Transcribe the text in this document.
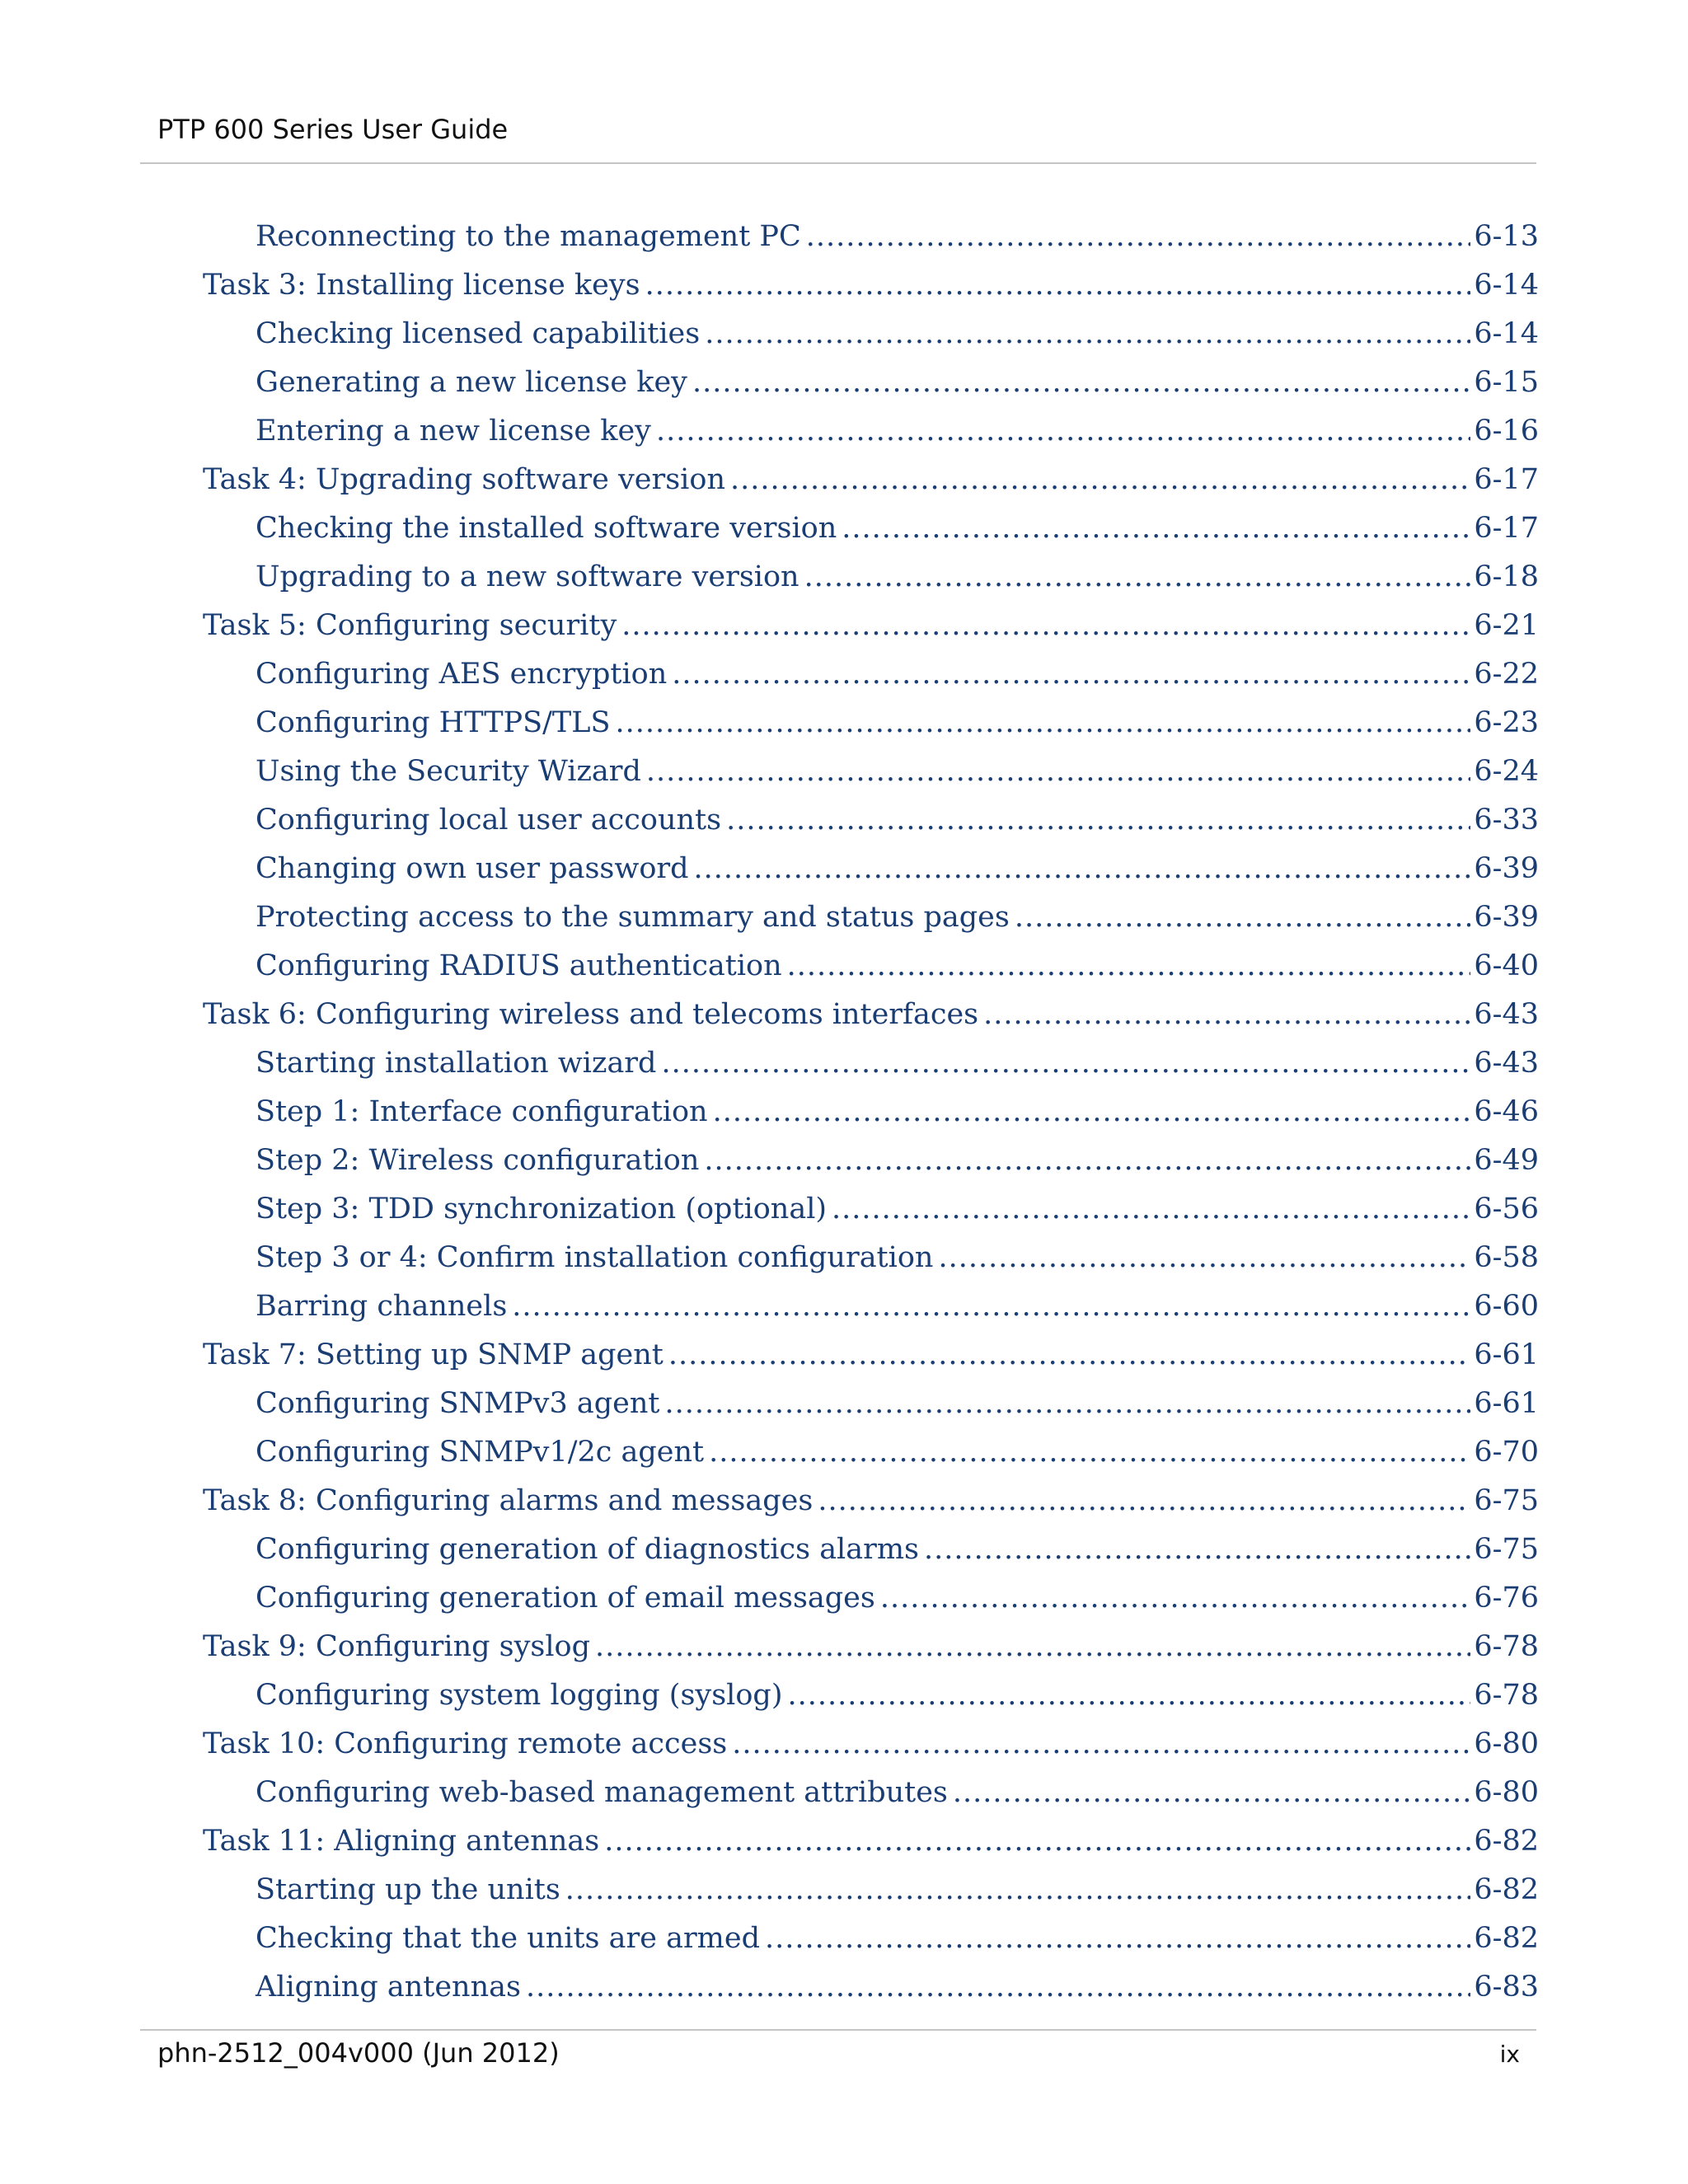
PTP 600 Series User Guide
Reconnecting to the management PC .....	6-13
Task 3: Installing license keys .....	6-14
Checking licensed capabilities .....	6-14
Generating a new license key .....	6-15
Entering a new license key .....	6-16
Task 4: Upgrading software version .....	6-17
Checking the installed software version .....	6-17
Upgrading to a new software version .....	6-18
Task 5: Configuring security .....	6-21
Configuring AES encryption .....	6-22
Configuring HTTPS/TLS .....	6-23
Using the Security Wizard .....	6-24
Configuring local user accounts .....	6-33
Changing own user password .....	6-39
Protecting access to the summary and status pages .....	6-39
Configuring RADIUS authentication .....	6-40
Task 6: Configuring wireless and telecoms interfaces .....	6-43
Starting installation wizard .....	6-43
Step 1: Interface configuration .....	6-46
Step 2: Wireless configuration .....	6-49
Step 3: TDD synchronization (optional) .....	6-56
Step 3 or 4: Confirm installation configuration .....	6-58
Barring channels .....	6-60
Task 7: Setting up SNMP agent .....	6-61
Configuring SNMPv3 agent .....	6-61
Configuring SNMPv1/2c agent .....	6-70
Task 8: Configuring alarms and messages .....	6-75
Configuring generation of diagnostics alarms .....	6-75
Configuring generation of email messages .....	6-76
Task 9: Configuring syslog .....	6-78
Configuring system logging (syslog) .....	6-78
Task 10: Configuring remote access .....	6-80
Configuring web-based management attributes .....	6-80
Task 11: Aligning antennas .....	6-82
Starting up the units .....	6-82
Checking that the units are armed .....	6-82
Aligning antennas .....	6-83
phn-2512_004v000 (Jun 2012)	ix
